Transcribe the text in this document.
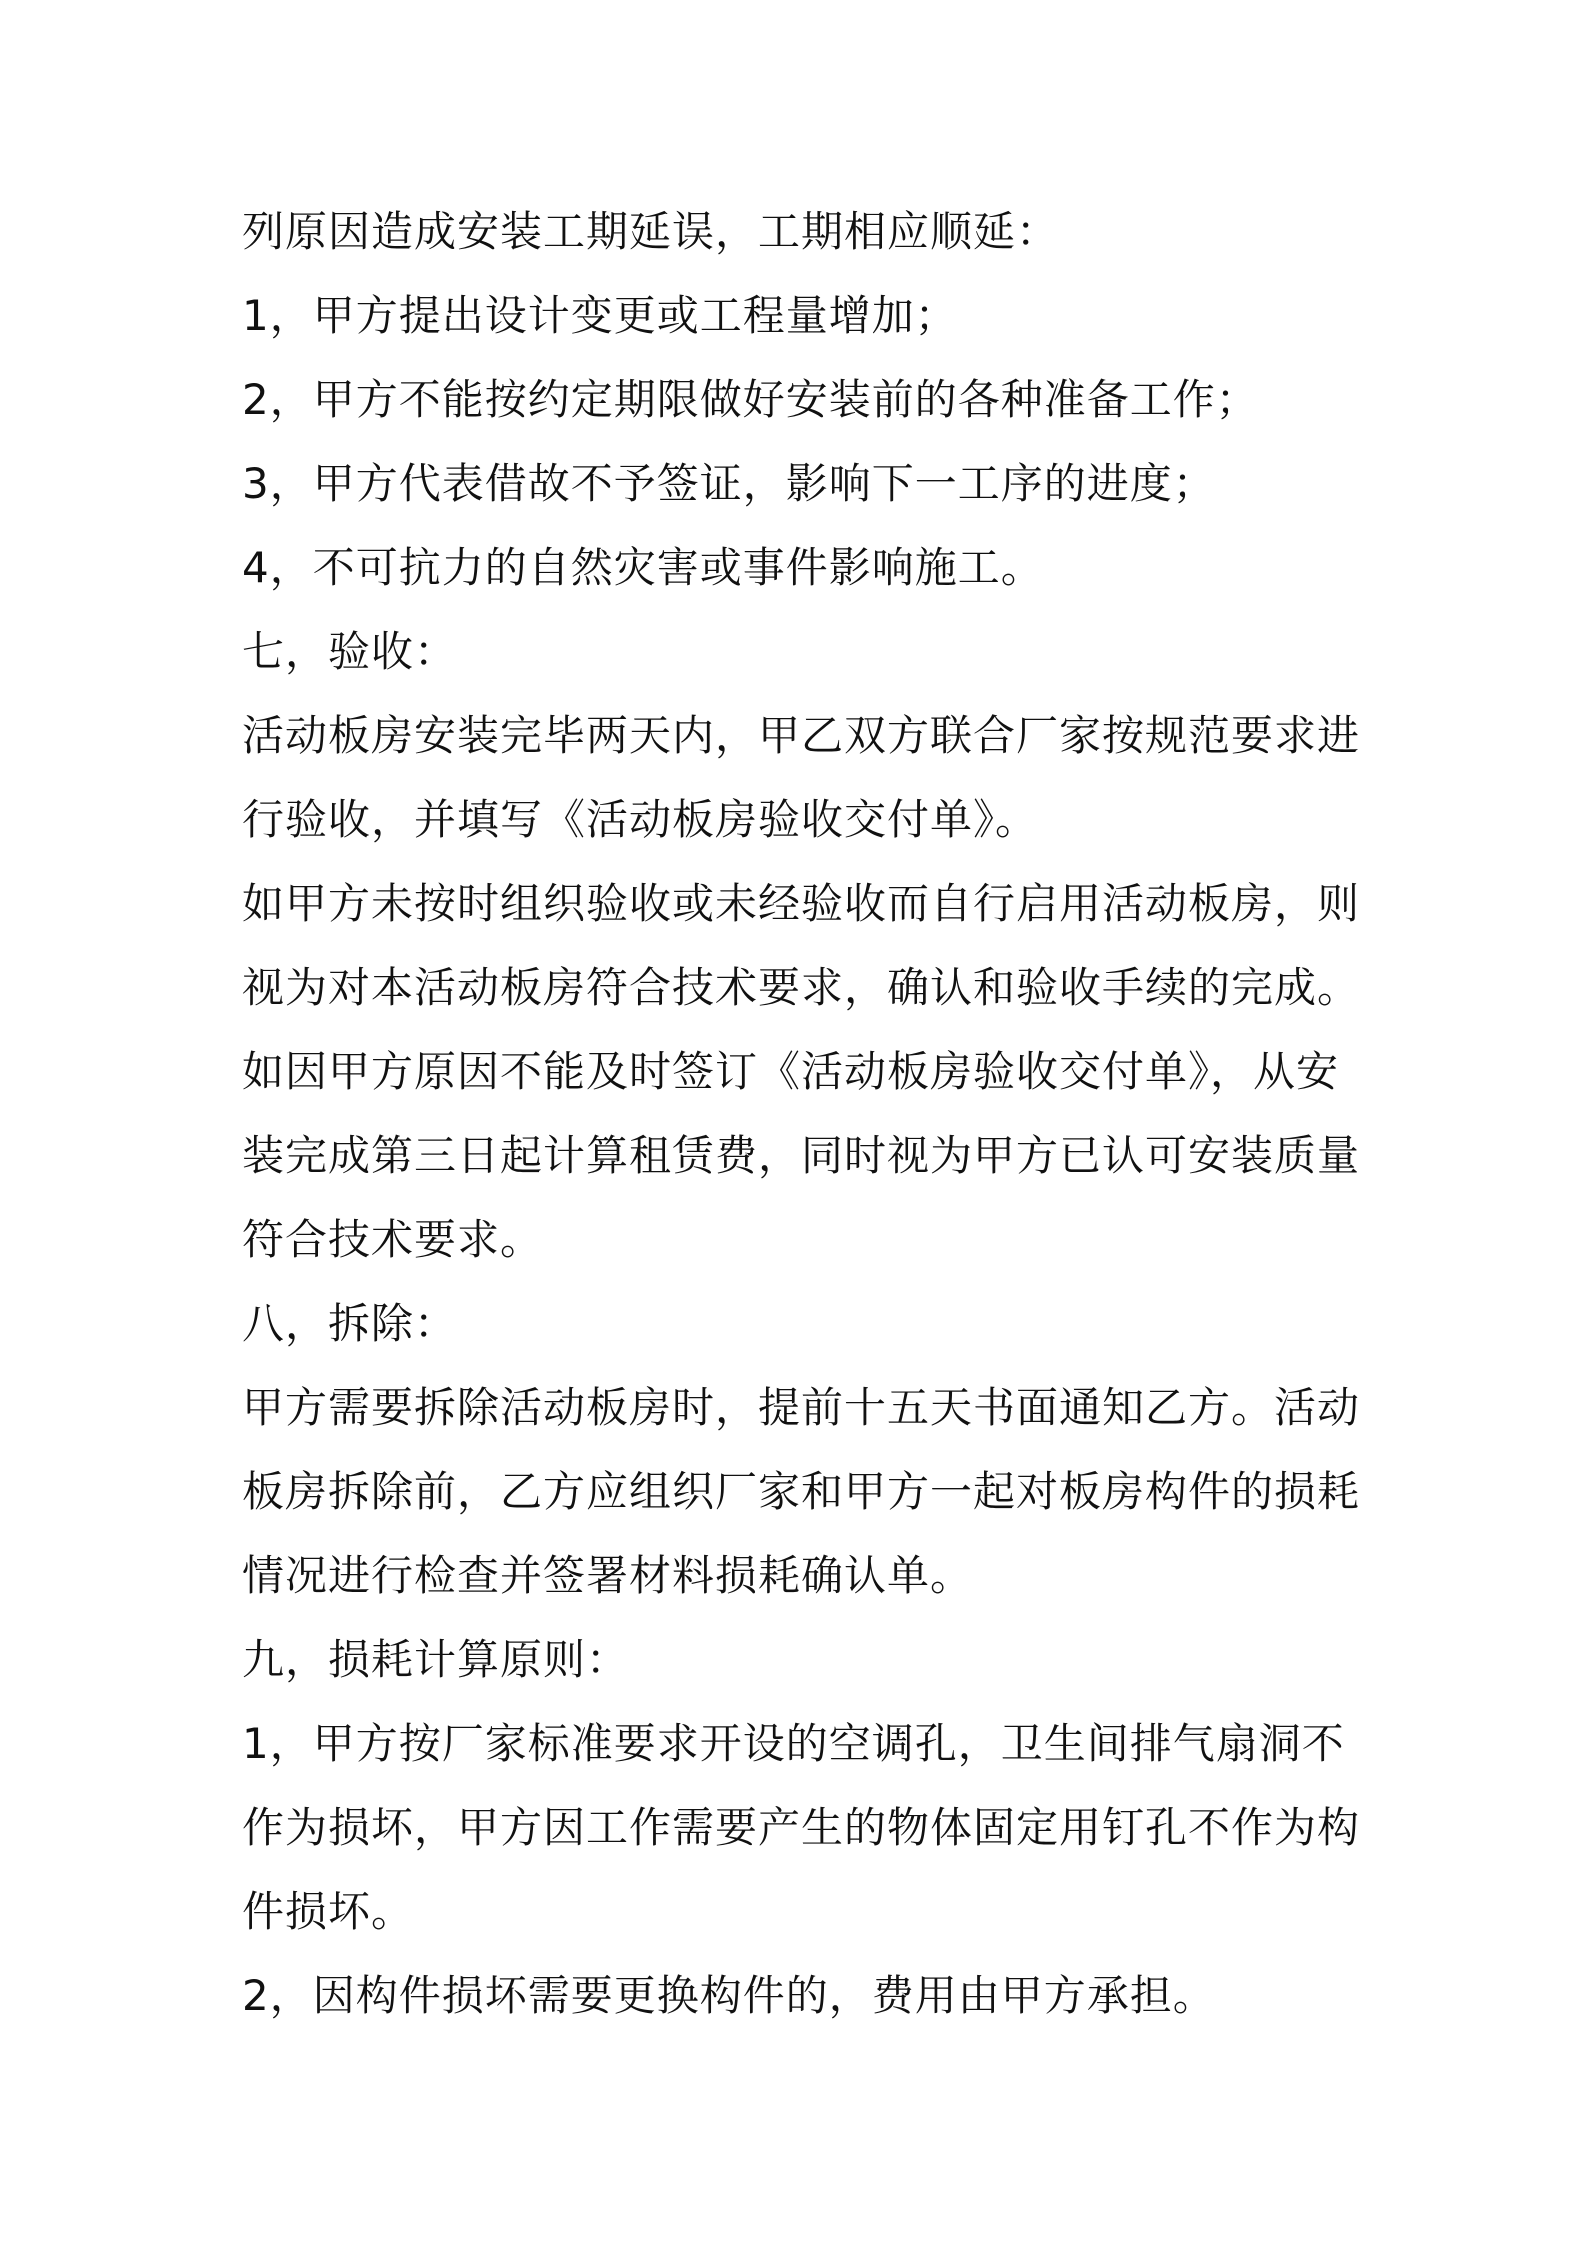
列原因造成安装工期延误，工期相应顺延：
1，甲方提出设计变更或工程量增加；
2，甲方不能按约定期限做好安装前的各种准备工作；
3，甲方代表借故不予签证，影响下一工序的进度；
4，不可抗力的自然灾害或事件影响施工。
七，验收：
活动板房安装完毕两天内，甲乙双方联合厂家按规范要求进
行验收，并填写《活动板房验收交付单》。
如甲方未按时组织验收或未经验收而自行启用活动板房，则
视为对本活动板房符合技术要求，确认和验收手续的完成。
如因甲方原因不能及时签订《活动板房验收交付单》，从安
装完成第三日起计算租赁费，同时视为甲方已认可安装质量
符合技术要求。
八，拆除：
甲方需要拆除活动板房时，提前十五天书面通知乙方。活动
板房拆除前，乙方应组织厂家和甲方一起对板房构件的损耗
情况进行检查并签署材料损耗确认单。
九，损耗计算原则：
1，甲方按厂家标准要求开设的空调孔，卫生间排气扇洞不
作为损坏，甲方因工作需要产生的物体固定用钉孔不作为构
件损坏。
2，因构件损坏需要更换构件的，费用由甲方承担。
